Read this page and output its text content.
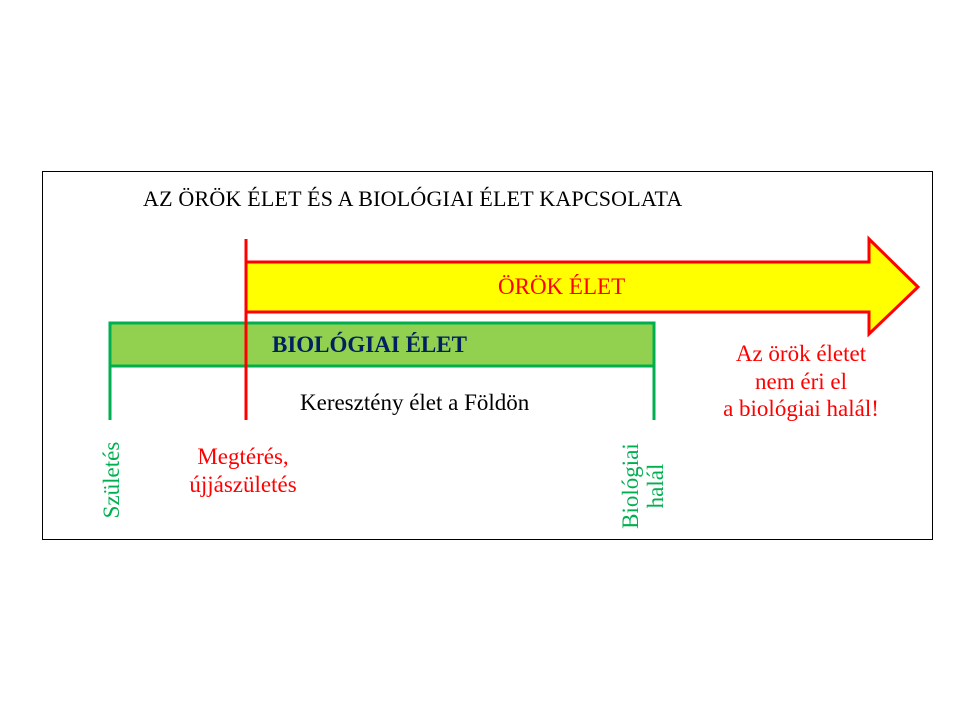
AZ ÖRÖK ÉLET ÉS A BIOLÓGIAI ÉLET KAPCSOLATA
ÖRÖK ÉLET
BIOLÓGIAI ÉLET
Keresztény élet a Földön
Az örök életet
nem éri el
a biológiai halál!
Megtérés,
újjászületés
Születés	Biológiai halál
